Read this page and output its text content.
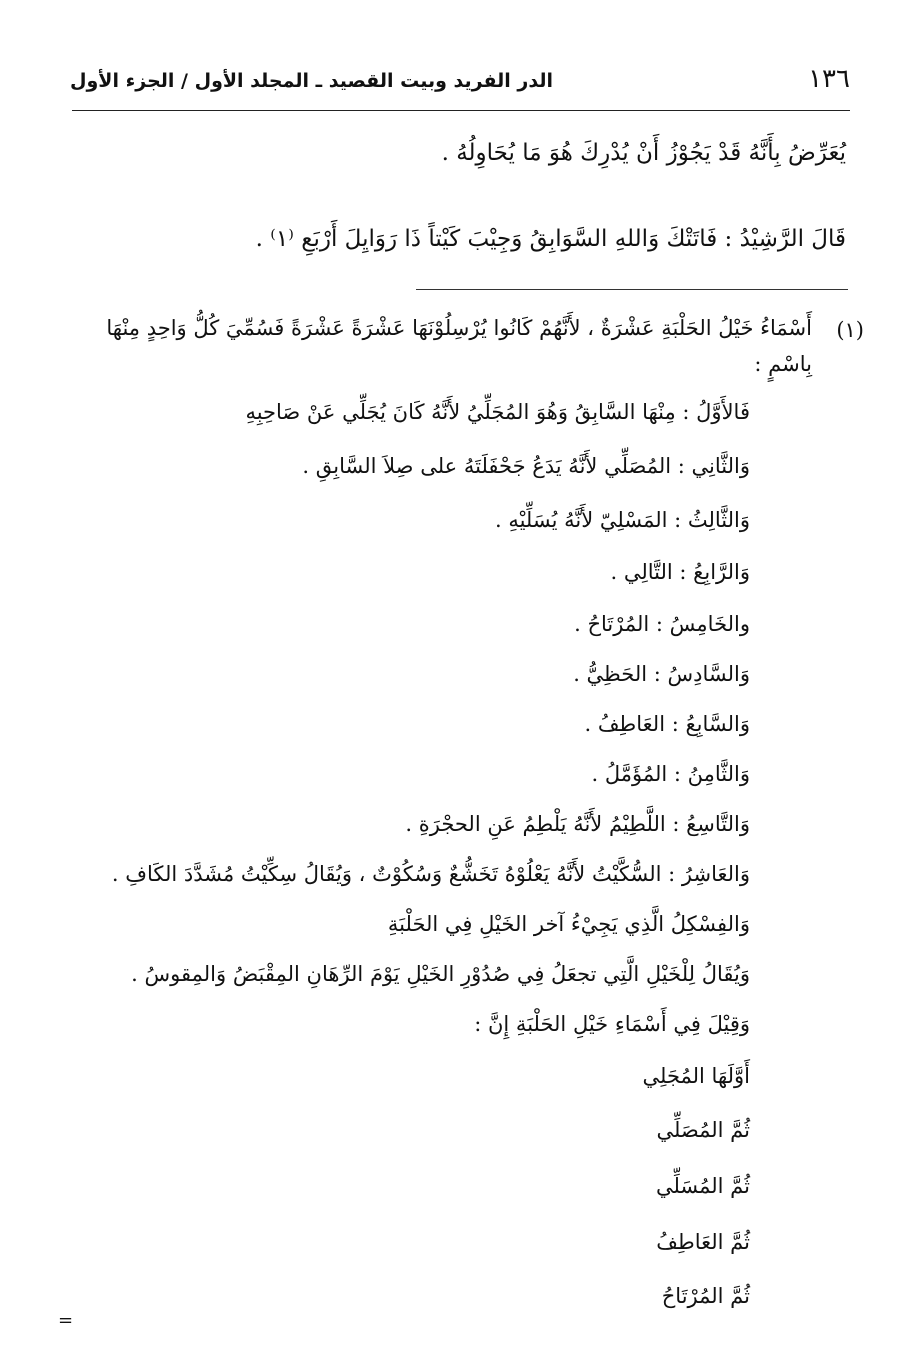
١٣٦
الدر الفريد وبيت القصيد ـ المجلد الأول / الجزء الأول
يُعَرِّضُ بِأَنَّهُ قَدْ يَجُوْزُ أَنْ يُدْرِكَ هُوَ مَا يُحَاوِلُهُ .
قَالَ الرَّشِيْدُ : فَاتَتْكَ وَاللهِ السَّوَابِقُ وَجِيْبَ كَيْتاً ذَا رَوَايِلَ أَرْبَعِ ⁽١⁾ .
(١)
أَسْمَاءُ خَيْلُ الحَلْبَةِ عَشْرَةٌ ، لأَنَّهُمْ كَانُوا يُرْسِلُوْنَهَا عَشْرَةً عَشْرَةً فَسُمِّيَ كُلُّ وَاحِدٍ مِنْهَا
بِاسْمٍ :
فَالأَوَّلُ : مِنْهَا السَّابِقُ وَهُوَ المُجَلِّيُ لأَنَّهُ كَانَ يُجَلِّي عَنْ صَاحِبِهِ
وَالثَّانِي : المُصَلِّي لأَنَّهُ يَدَعُ جَحْفَلَتَهُ على صِلاَ السَّابِقِ .
وَالثَّالِثُ : المَسْلِيّ لأَنَّهُ يُسَلِّيْهِ .
وَالرَّابِعُ : التَّالِي .
والخَامِسُ : المُرْتَاحُ .
وَالسَّادِسُ : الحَظِيُّ .
وَالسَّابِعُ : العَاطِفُ .
وَالثَّامِنُ : المُؤَمَّلُ .
وَالتَّاسِعُ : اللَّطِيْمُ لأَنَّهُ يَلْطِمُ عَنِ الحجْرَةِ .
وَالعَاشِرُ : السُّكَّيْتُ لأَنَّهُ يَعْلُوْهُ تَخَشُّعٌ وَسُكُوْتٌ ، وَيُقَالُ سِكِّيْتُ مُشَدَّدَ الكَافِ .
وَالفِسْكِلُ الَّذِي يَجِيْءُ آخر الخَيْلِ فِي الحَلْبَةِ
وَيُقَالُ لِلْخَيْلِ الَّتِي تجعَلُ فِي صُدُوْرِ الخَيْلِ يَوْمَ الرِّهَانِ المِقْبَضُ وَالمِقوسُ .
وَقِيْلَ فِي أَسْمَاءِ خَيْلِ الحَلْبَةِ إِنَّ :
أَوَّلَهَا المُجَلِي
ثُمَّ المُصَلِّي
ثُمَّ المُسَلِّي
ثُمَّ العَاطِفُ
ثُمَّ المُرْتَاحُ
=
